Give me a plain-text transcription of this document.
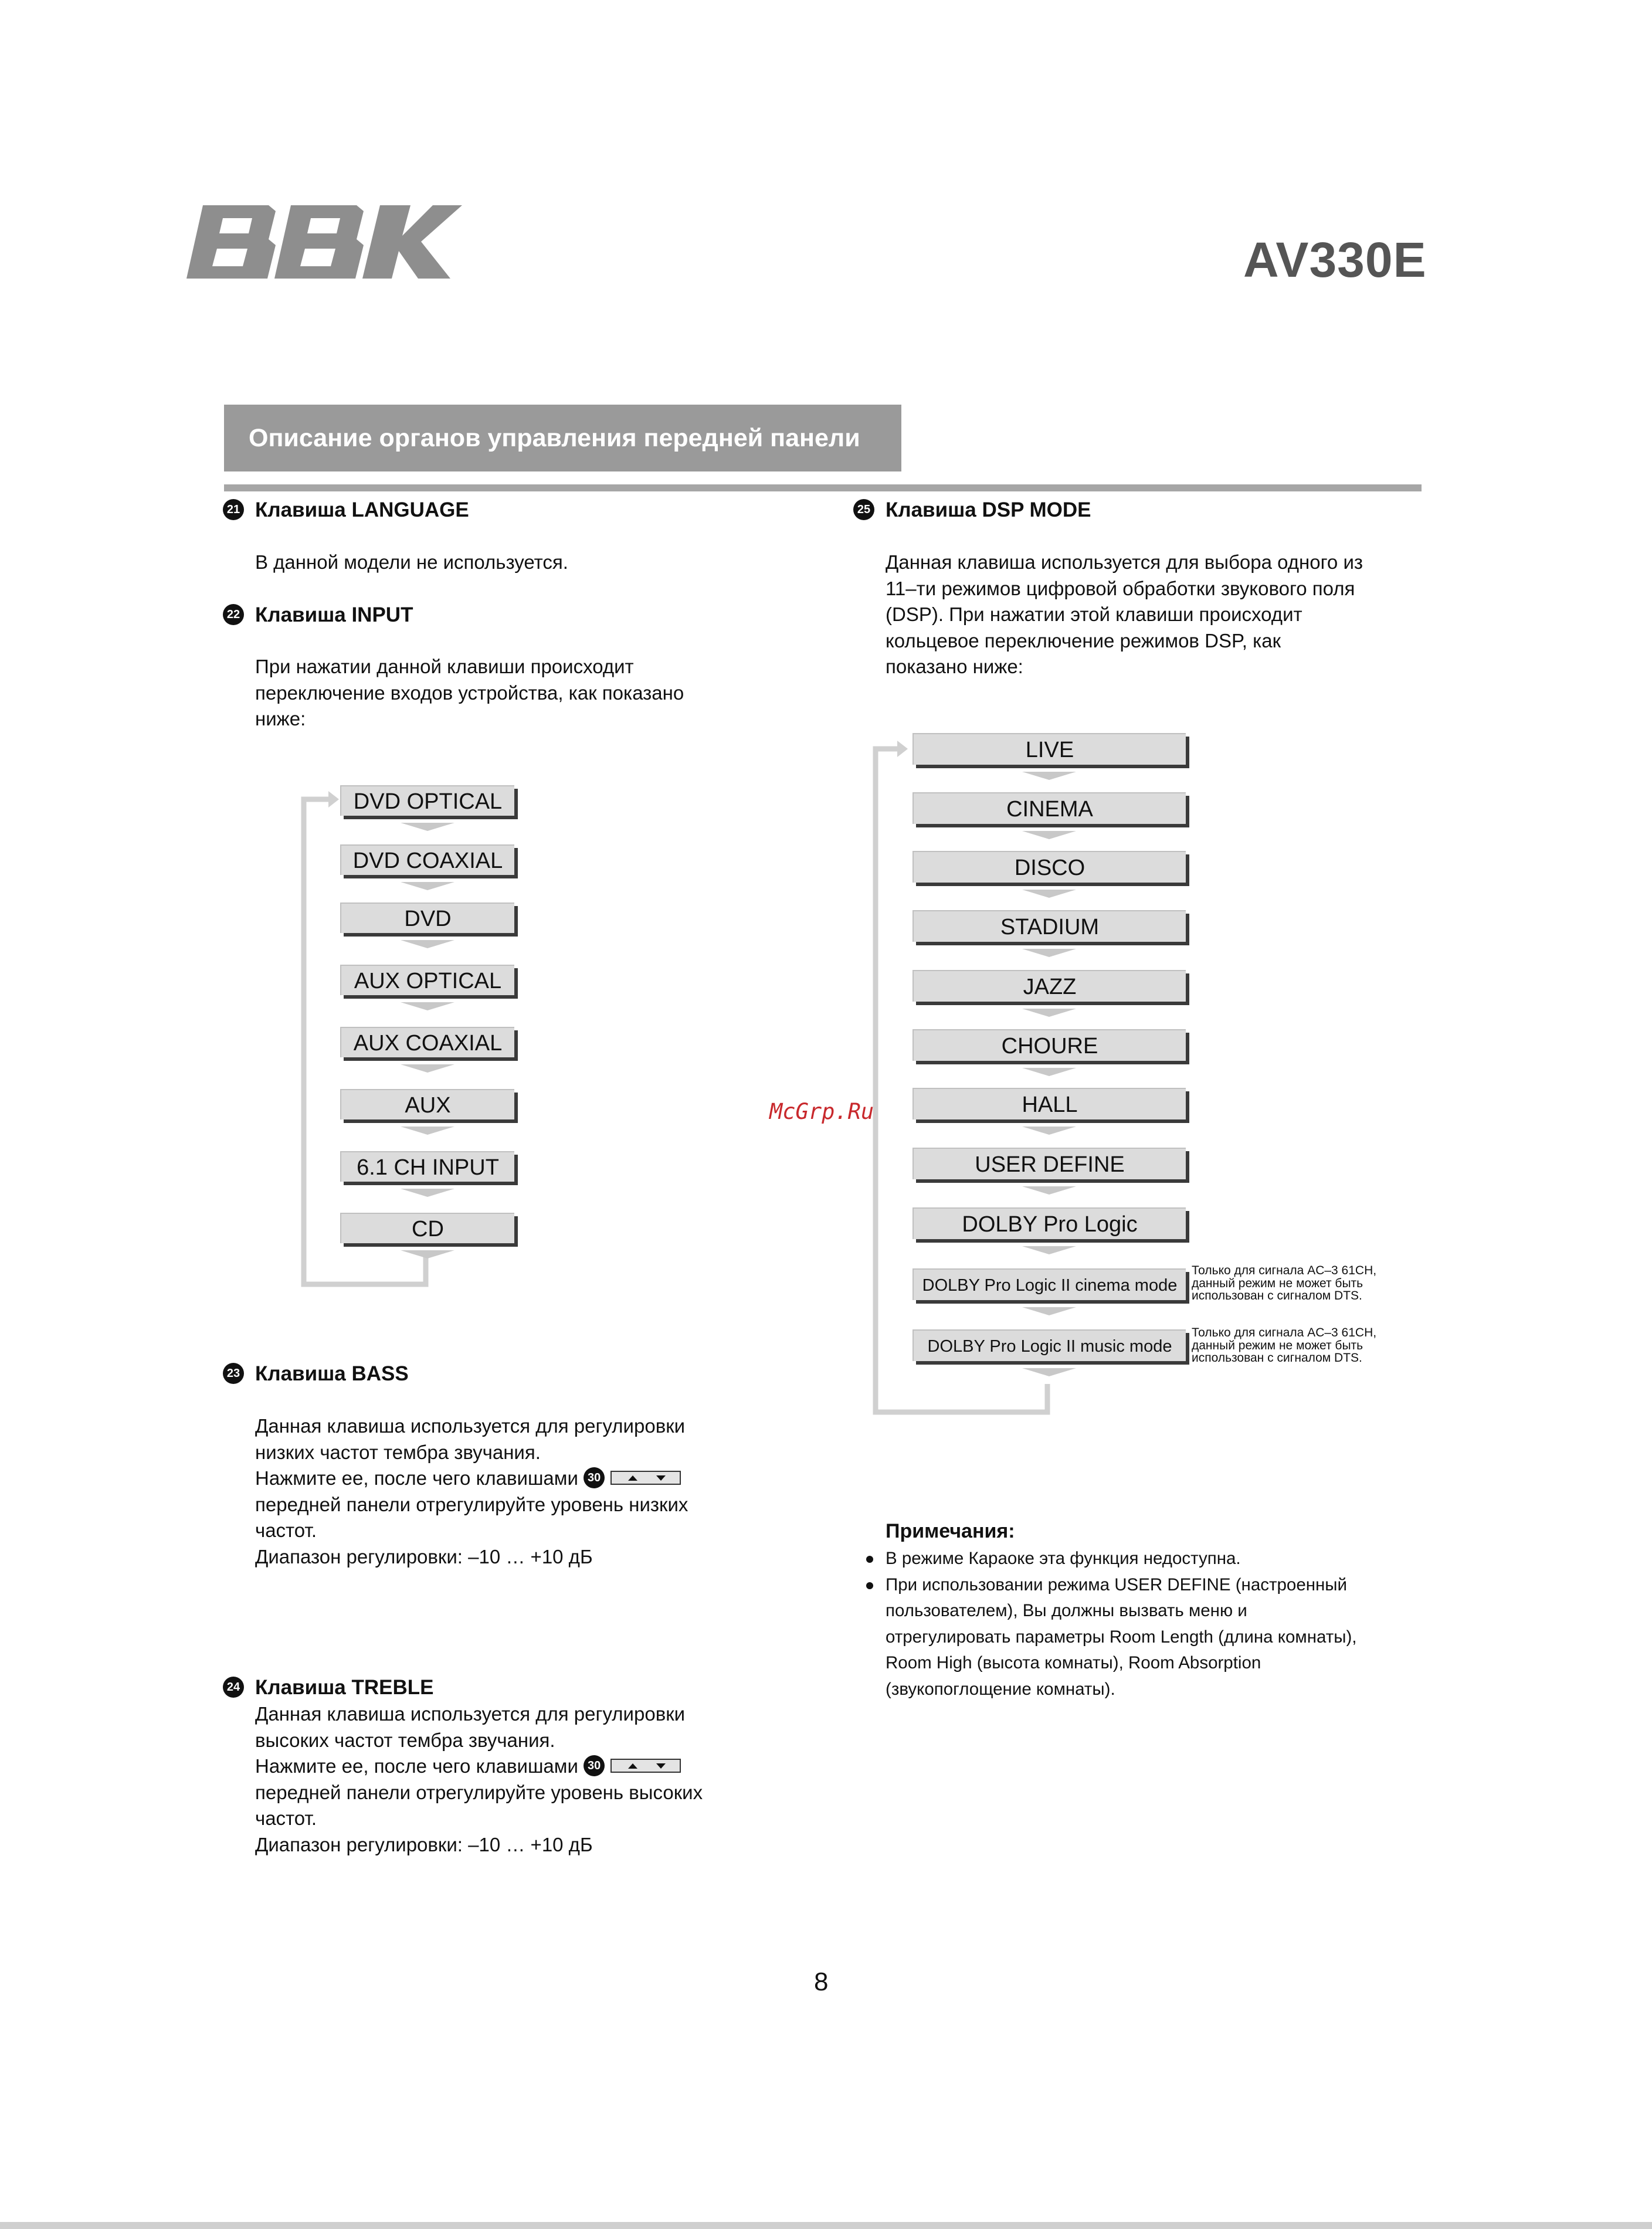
AV330E
Описание органов управления передней панели
21 Клавиша LANGUAGE
В данной модели не используется.
22 Клавиша INPUT
При нажатии данной клавиши происходит
переключение входов устройства, как показано
ниже:
DVD OPTICAL
DVD COAXIAL
DVD
AUX OPTICAL
AUX COAXIAL
AUX
6.1 CH INPUT
CD
LIVE
CINEMA
DISCO
STADIUM
JAZZ
CHOURE
HALL
USER DEFINE
DOLBY Pro Logic
DOLBY Pro Logic II cinema mode
DOLBY Pro Logic II music mode
Только для сигнала AC–3 61CH,
данный режим не может быть
использован с сигналом DTS.
Только для сигнала AC–3 61CH,
данный режим не может быть
использован с сигналом DTS.
McGrp.Ru
23 Клавиша BASS
Данная клавиша используется для регулировки
низких частот тембра звучания.
Нажмите ее, после чего клавишами 30
передней панели отрегулируйте уровень низких
частот.
Диапазон регулировки: –10 … +10 дБ
24 Клавиша TREBLE
Данная клавиша используется для регулировки
высоких частот тембра звучания.
Нажмите ее, после чего клавишами 30
передней панели отрегулируйте уровень высоких
частот.
Диапазон регулировки: –10 … +10 дБ
25 Клавиша DSP MODE
Данная клавиша используется для выбора одного из
11–ти режимов цифровой обработки звукового поля
(DSP). При нажатии этой клавиши происходит
кольцевое переключение режимов DSP, как
показано ниже:
Примечания:
В режиме Караоке эта функция недоступна.
При использовании режима USER DEFINE (настроенный
пользователем), Вы должны вызвать меню и
отрегулировать параметры Room Length (длина комнаты),
Room High (высота комнаты), Room Absorption
(звукопоглощение комнаты).
8
